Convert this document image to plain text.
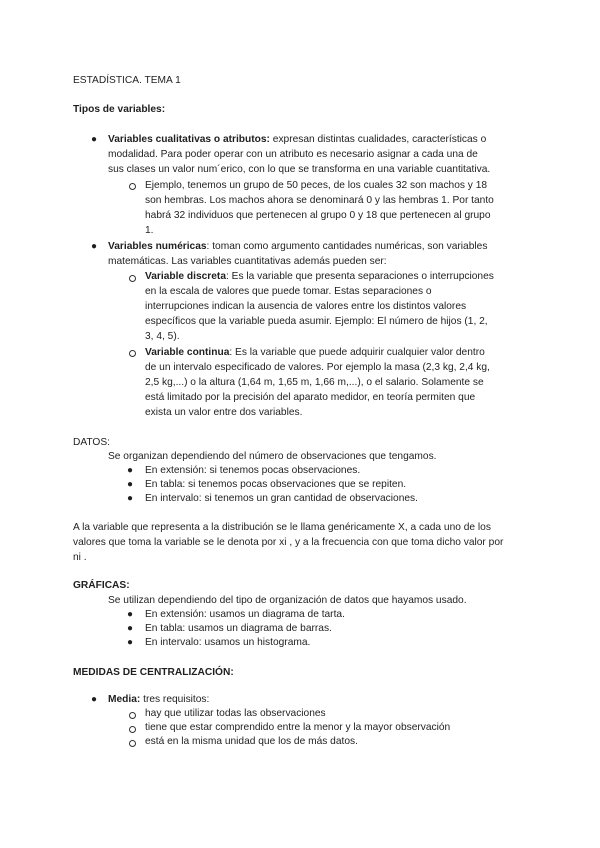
ESTADÍSTICA. TEMA 1

Tipos de variables:

● Variables cualitativas o atributos: expresan distintas cualidades, características o

modalidad. Para poder operar con un atributo es necesario asignar a cada una de

sus clases un valor num´erico, con lo que se transforma en una variable cuantitativa.

Ejemplo, tenemos un grupo de 50 peces, de los cuales 32 son machos y 18

son hembras. Los machos ahora se denominará 0 y las hembras 1. Por tanto

habrá 32 individuos que pertenecen al grupo 0 y 18 que pertenecen al grupo

1.

● Variables numéricas: toman como argumento cantidades numéricas, son variables

matemáticas. Las variables cuantitativas además pueden ser:

Variable discreta: Es la variable que presenta separaciones o interrupciones

en la escala de valores que puede tomar. Estas separaciones o

interrupciones indican la ausencia de valores entre los distintos valores

específicos que la variable pueda asumir. Ejemplo: El número de hijos (1, 2,

3, 4, 5).

Variable continua: Es la variable que puede adquirir cualquier valor dentro

de un intervalo especificado de valores. Por ejemplo la masa (2,3 kg, 2,4 kg,

2,5 kg,...) o la altura (1,64 m, 1,65 m, 1,66 m,...), o el salario. Solamente se

está limitado por la precisión del aparato medidor, en teoría permiten que

exista un valor entre dos variables.

DATOS:

Se organizan dependiendo del número de observaciones que tengamos.

● En extensión: si tenemos pocas observaciones.

● En tabla: si tenemos pocas observaciones que se repiten.

● En intervalo: si tenemos un gran cantidad de observaciones.

A la variable que representa a la distribución se le llama genéricamente X, a cada uno de los

valores que toma la variable se le denota por xi , y a la frecuencia con que toma dicho valor por

ni .

GRÁFICAS:

Se utilizan dependiendo del tipo de organización de datos que hayamos usado.

● En extensión: usamos un diagrama de tarta.

● En tabla: usamos un diagrama de barras.

● En intervalo: usamos un histograma.

MEDIDAS DE CENTRALIZACIÓN:

● Media: tres requisitos:

hay que utilizar todas las observaciones

tiene que estar comprendido entre la menor y la mayor observación

está en la misma unidad que los de más datos.
